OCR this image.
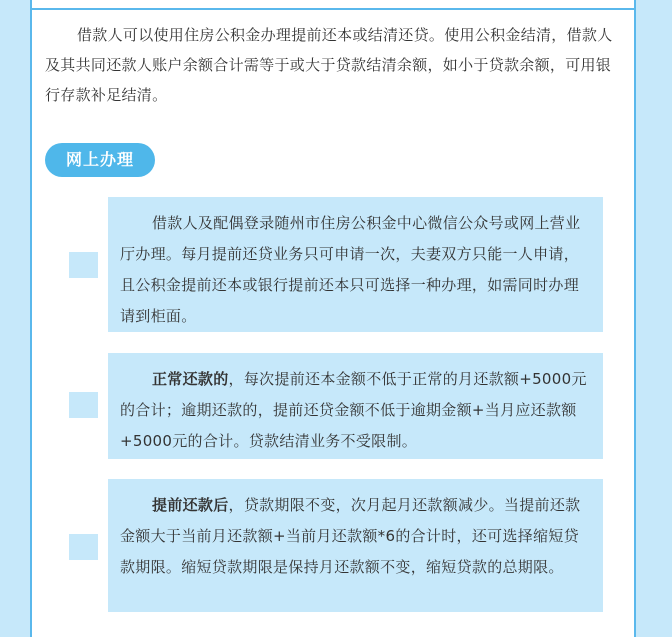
借款人可以使用住房公积金办理提前还本或结清还贷。使用公积金结清，借款人及其共同还款人账户余额合计需等于或大于贷款结清余额，如小于贷款余额，可用银行存款补足结清。

网上办理

借款人及配偶登录随州市住房公积金中心微信公众号或网上营业厅办理。每月提前还贷业务只可申请一次，夫妻双方只能一人申请，且公积金提前还本或银行提前还本只可选择一种办理，如需同时办理请到柜面。

正常还款的，每次提前还本金额不低于正常的月还款额+5000元的合计；逾期还款的，提前还贷金额不低于逾期金额+当月应还款额+5000元的合计。贷款结清业务不受限制。

提前还款后，贷款期限不变，次月起月还款额减少。当提前还款金额大于当前月还款额+当前月还款额*6的合计时，还可选择缩短贷款期限。缩短贷款期限是保持月还款额不变，缩短贷款的总期限。
